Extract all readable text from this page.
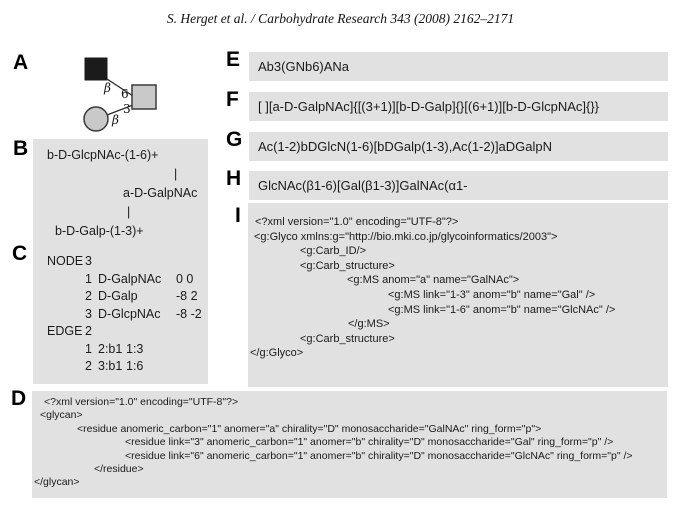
S. Herget et al. / Carbohydrate Research 343 (2008) 2162–2171
A
β 6
β
3
B b-D-GlcpNAc-(1-6)+
|
a-D-GalpNAc
|
b-D-Galp-(1-3)+
C	NODE 3
1 D-GalpNAc 0 0
2 D-Galp	-8 2
3 D-GlcpNAc -8 -2
EDGE 2
1 2:b1 1:3
2 3:b1 1:6
D <?xml version="1.0" encoding="UTF-8"?>
<glycan>
<residue anomeric_carbon="1" anomer="a" chirality="D" monosaccharide="GalNAc" ring_form="p">
<residue link="3" anomeric_carbon="1" anomer="b" chirality="D" monosaccharide="Gal" ring_form="p" />
<residue link="6" anomeric_carbon="1" anomer="b" chirality="D" monosaccharide="GlcNAc" ring_form="p" />
</residue>
</glycan>
E	Ab3(GNb6)ANa
F	[ ][a-D-GalpNAc]{[(3+1)][b-D-Galp]{}[(6+1)][b-D-GlcpNAc]{}}
G	Ac(1-2)bDGlcN(1-6)[bDGalp(1-3),Ac(1-2)]aDGalpN
H	GlcNAc(β1-6)[Gal(β1-3)]GalNAc(α1-
I <?xml version="1.0" encoding="UTF-8"?>
<g:Glyco xmlns:g="http://bio.mki.co.jp/glycoinformatics/2003">
<g:Carb_ID/>
<g:Carb_structure>
<g:MS anom="a" name="GalNAc">
<g:MS link="1-3" anom="b" name="Gal" />
<g:MS link="1-6" anom="b" name="GlcNAc" />
</g:MS>
<g:Carb_structure>
</g:Glyco>
